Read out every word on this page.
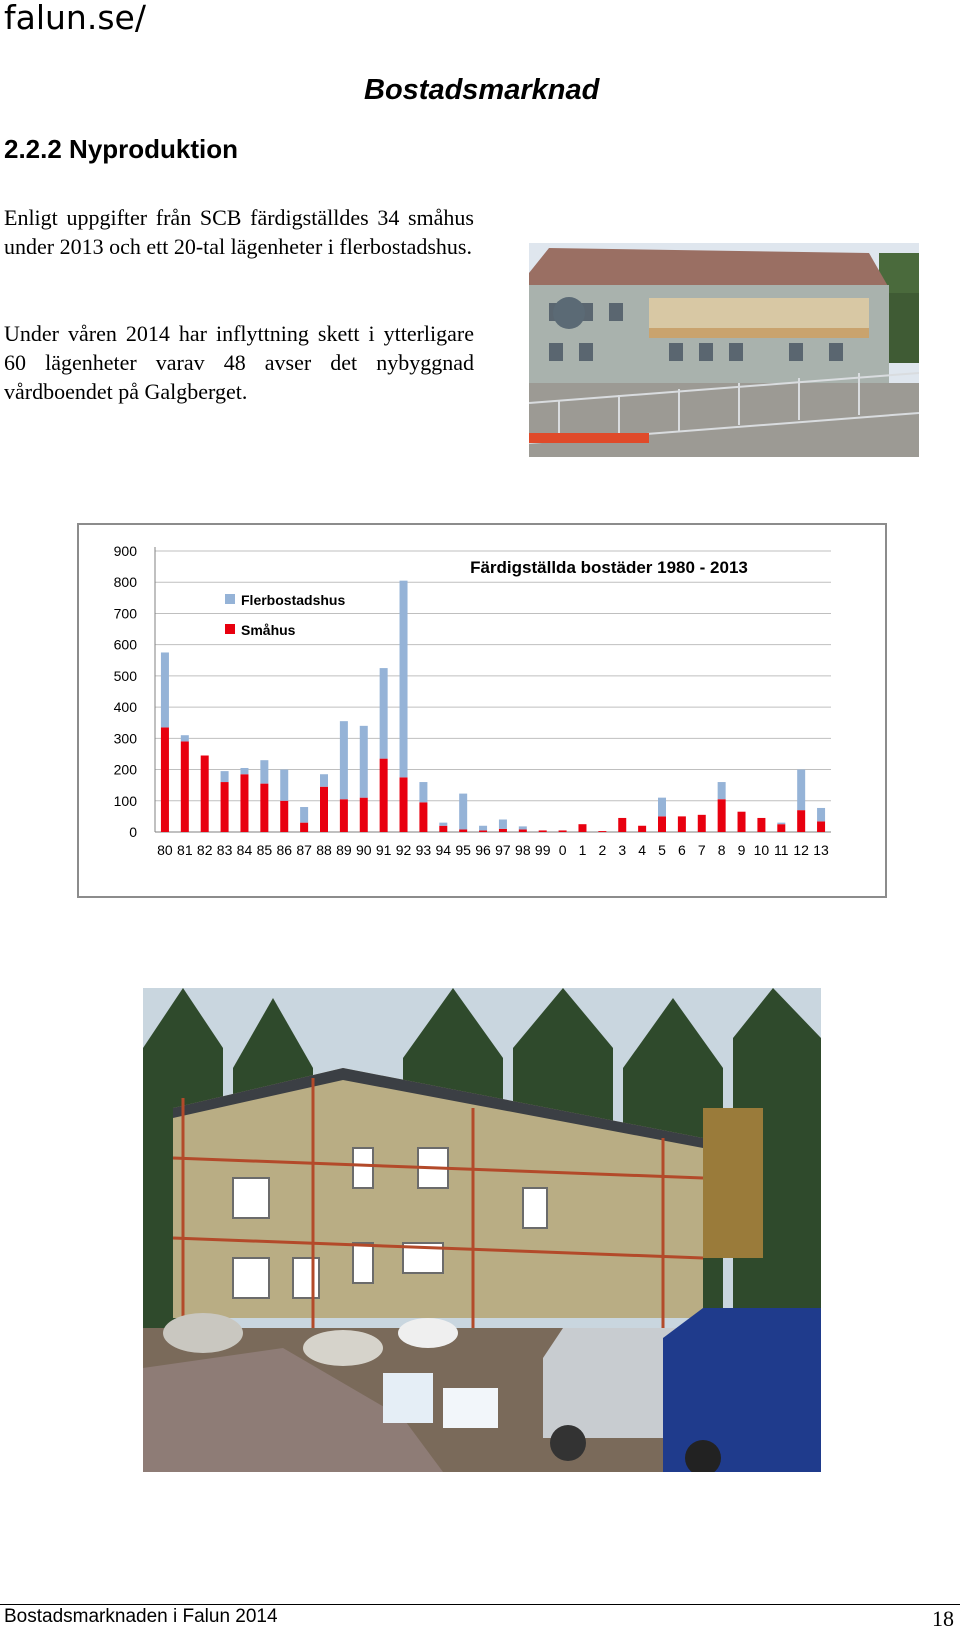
falun.se/
Bostadsmarknad
2.2.2 Nyproduktion
Enligt uppgifter från SCB färdigställdes 34 småhus under 2013 och ett 20-tal lägenheter i flerbostadshus.
Under våren 2014 har inflyttning skett i ytterligare 60 lägenheter varav 48 avser det nybyggnad vårdboendet på Galgberget.
0
100
200
300
400
500
600
700
800
900
80 81 82 83 84 85 86 87 88 89 90 91 92 93 94 95 96 97 98 99 0 1 2 3 4 5 6 7 8 9 10 11 12 13
Färdigställda bostäder 1980 - 2013
Flerbostadshus
Småhus
Bostadsmarknaden i Falun 2014	18
